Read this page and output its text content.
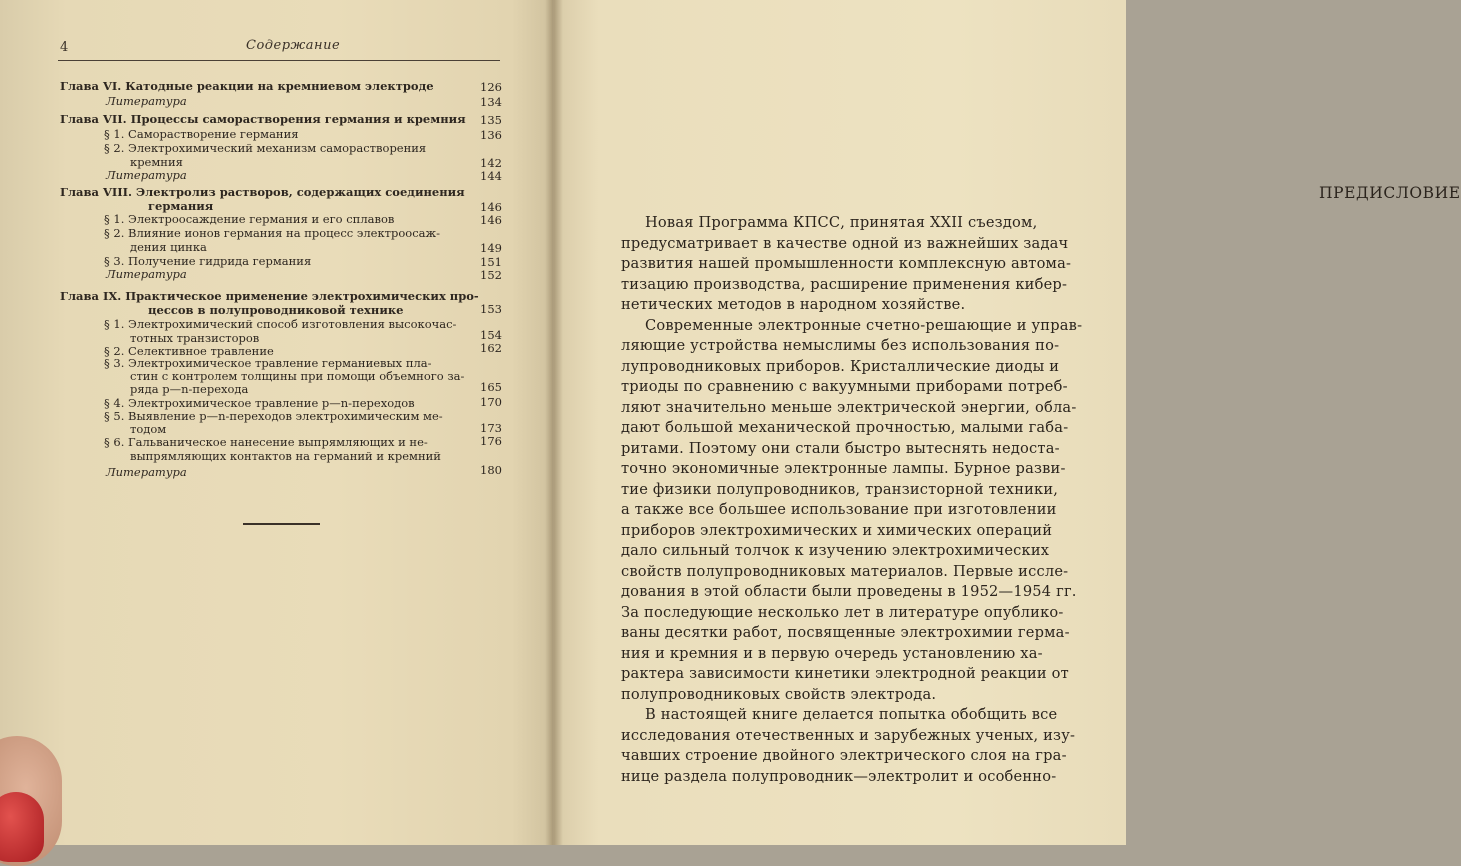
4	Содержание
Глава VI. Катодные реакции на кремниевом электроде	126
Литература	134
Глава VII. Процессы саморастворения германия и кремния 135
§ 1. Саморастворение германия	136
§ 2. Электрохимический механизм саморастворения
кремния	142
Литература	144
Глава VIII. Электролиз растворов, содержащих соединения
германия	146
§ 1. Электроосаждение германия и его сплавов	146
§ 2. Влияние ионов германия на процесс электроосаж-
дения цинка	149
§ 3. Получение гидрида германия	151
Литература	152
Глава IX. Практическое применение электрохимических про-
цессов в полупроводниковой технике	153
§ 1. Электрохимический способ изготовления высокочас-
тотных транзисторов	154
§ 2. Селективное травление	162
§ 3. Электрохимическое травление германиевых пла-
стин с контролем толщины при помощи объемного за-
ряда p—n-перехода	165
§ 4. Электрохимическое травление p—n-переходов	170
§ 5. Выявление p—n-переходов электрохимическим ме-
тодом	173
§ 6. Гальваническое нанесение выпрямляющих и не-	176
выпрямляющих контактов на германий и кремний
Литература	180
ПРЕДИСЛОВИЕ
Новая Программа КПСС, принятая XXII съездом,
предусматривает в качестве одной из важнейших задач
развития нашей промышленности комплексную автома-
тизацию производства, расширение применения кибер-
нетических методов в народном хозяйстве.
Современные электронные счетно-решающие и управ-
ляющие устройства немыслимы без использования по-
лупроводниковых приборов. Кристаллические диоды и
триоды по сравнению с вакуумными приборами потреб-
ляют значительно меньше электрической энергии, обла-
дают большой механической прочностью, малыми габа-
ритами. Поэтому они стали быстро вытеснять недоста-
точно экономичные электронные лампы. Бурное разви-
тие физики полупроводников, транзисторной техники,
а также все большее использование при изготовлении
приборов электрохимических и химических операций
дало сильный толчок к изучению электрохимических
свойств полупроводниковых материалов. Первые иссле-
дования в этой области были проведены в 1952—1954 гг.
За последующие несколько лет в литературе опублико-
ваны десятки работ, посвященные электрохимии герма-
ния и кремния и в первую очередь установлению ха-
рактера зависимости кинетики электродной реакции от
полупроводниковых свойств электрода.
В настоящей книге делается попытка обобщить все
исследования отечественных и зарубежных ученых, изу-
чавших строение двойного электрического слоя на гра-
нице раздела полупроводник—электролит и особенно-
